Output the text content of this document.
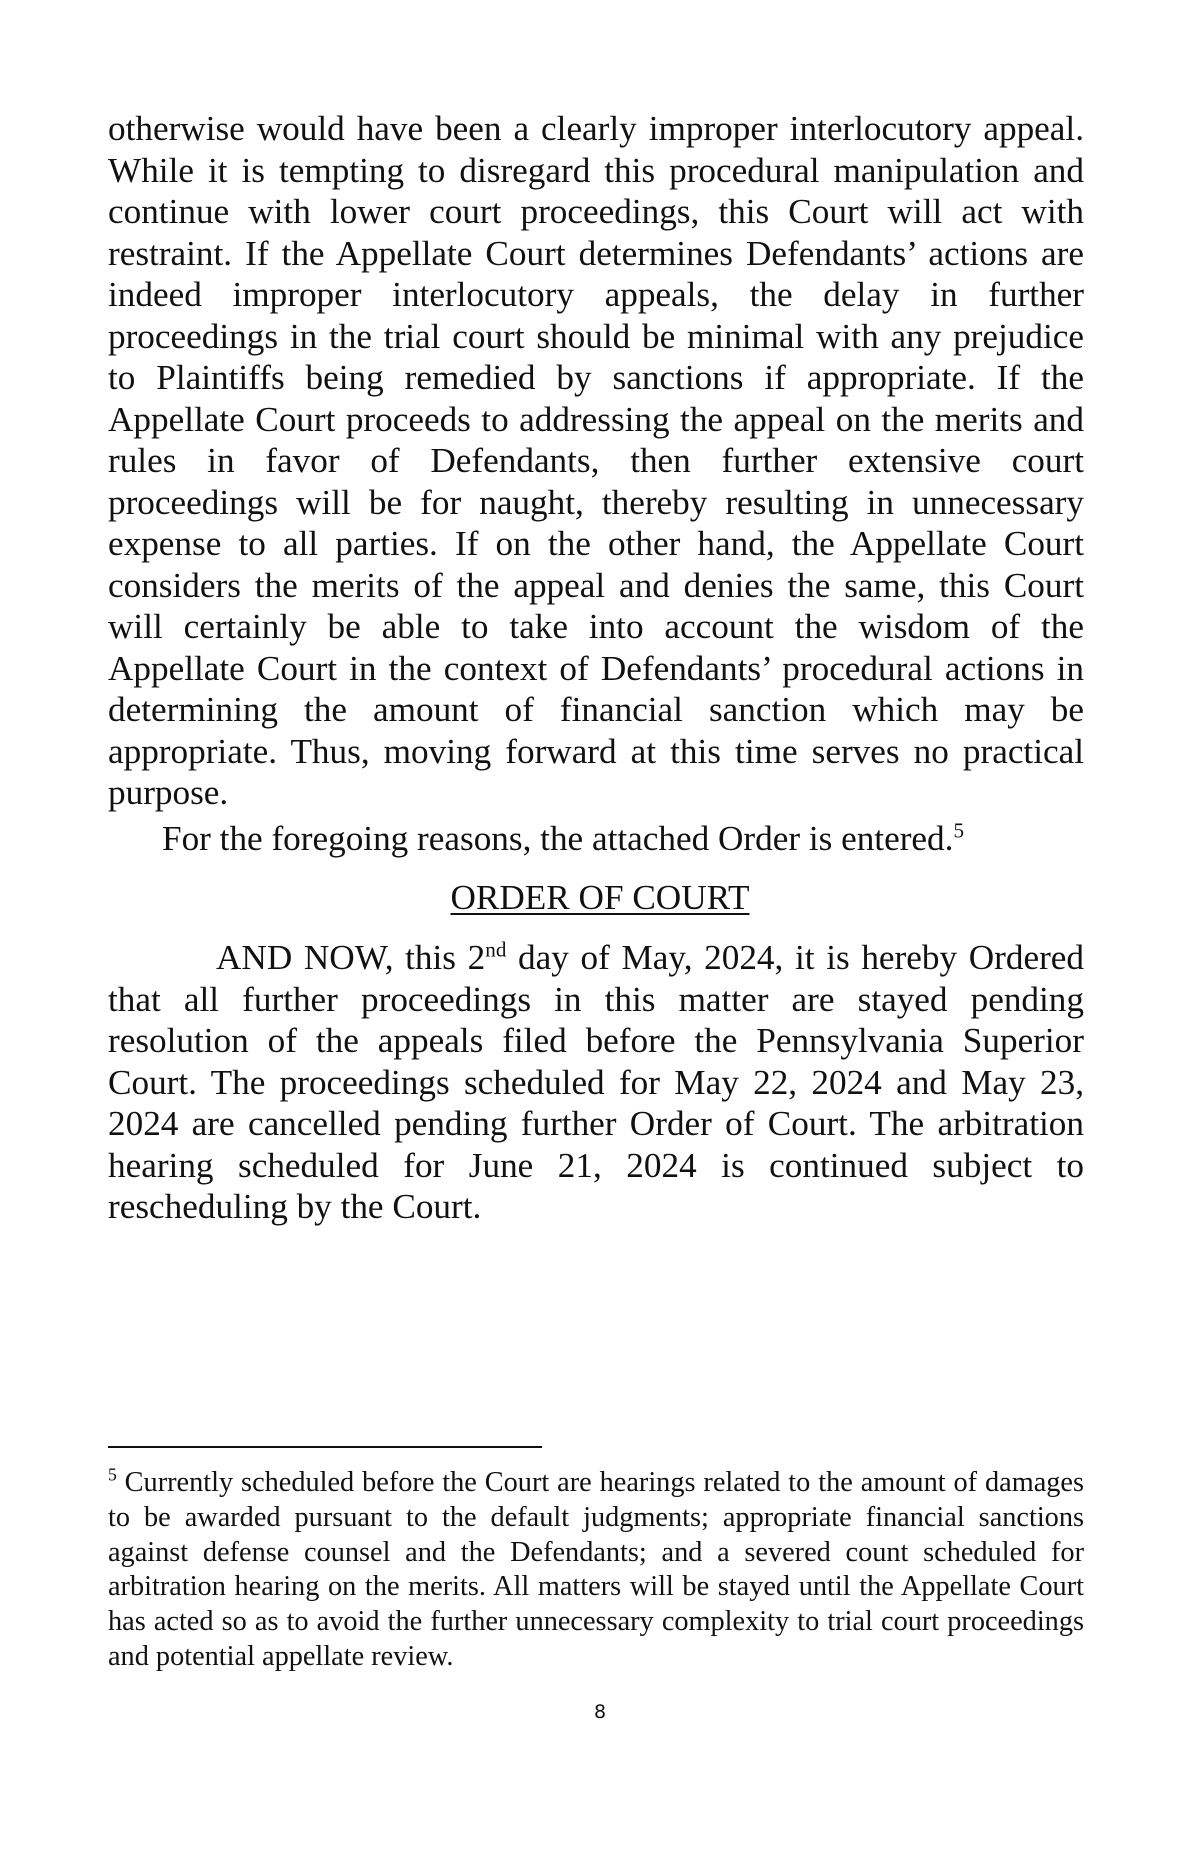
otherwise would have been a clearly improper interlocutory appeal. While it is tempting to disregard this procedural manipulation and continue with lower court proceedings, this Court will act with restraint. If the Appellate Court determines Defendants’ actions are indeed improper interlocutory appeals, the delay in further proceedings in the trial court should be minimal with any prejudice to Plaintiffs being remedied by sanctions if appropriate. If the Appellate Court proceeds to addressing the appeal on the merits and rules in favor of Defendants, then further extensive court proceedings will be for naught, thereby resulting in unnecessary expense to all parties. If on the other hand, the Appellate Court considers the merits of the appeal and denies the same, this Court will certainly be able to take into account the wisdom of the Appellate Court in the context of Defendants’ procedural actions in determining the amount of financial sanction which may be appropriate. Thus, moving forward at this time serves no practical purpose.

For the foregoing reasons, the attached Order is entered.$^5$

ORDER OF COURT

AND NOW, this 2nd day of May, 2024, it is hereby Ordered that all further proceedings in this matter are stayed pending resolution of the appeals filed before the Pennsylvania Superior Court. The proceedings scheduled for May 22, 2024 and May 23, 2024 are cancelled pending further Order of Court. The arbitration hearing scheduled for June 21, 2024 is continued subject to rescheduling by the Court.

$^5$ Currently scheduled before the Court are hearings related to the amount of damages to be awarded pursuant to the default judgments; appropriate financial sanctions against defense counsel and the Defendants; and a severed count scheduled for arbitration hearing on the merits. All matters will be stayed until the Appellate Court has acted so as to avoid the further unnecessary complexity to trial court proceedings and potential appellate review.

8
